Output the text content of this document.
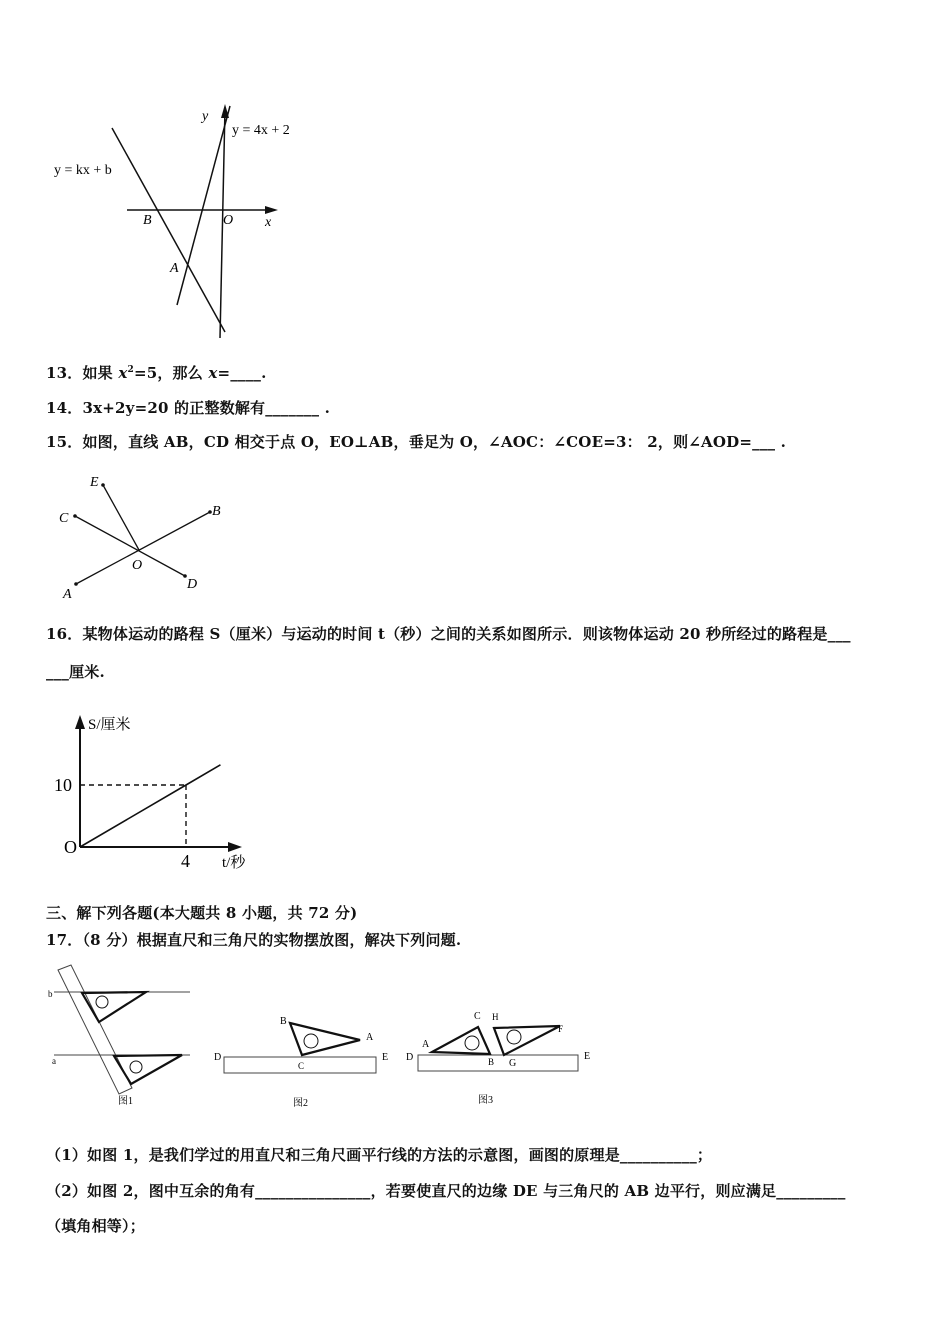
y
x
y = 4x + 2
y = kx + b
B	O
A
13．如果 $x^2=5$，那么 x=____.
14．3x+2y=20 的正整数解有_______ .
15．如图，直线 AB，CD 相交于点 O，EO⊥AB，垂足为 O，∠AOC：∠COE=3： 2，则∠AOD=___ .
E
C	B
O
D
A
16．某物体运动的路程 S（厘米）与运动的时间 t（秒）之间的关系如图所示．则该物体运动 20 秒所经过的路程是___
___厘米.
S/厘米
t/秒
O
10
4
三、解下列各题(本大题共 8 小题，共 72 分)
17．（8 分）根据直尺和三角尺的实物摆放图，解决下列问题.
b
a
图1
B
A
D
C
E
图2
C H
A
F
D	B G
E
图3
（1）如图 1，是我们学过的用直尺和三角尺画平行线的方法的示意图，画图的原理是__________；
（2）如图 2，图中互余的角有_______________，若要使直尺的边缘 DE 与三角尺的 AB 边平行，则应满足_________
（填角相等）；
